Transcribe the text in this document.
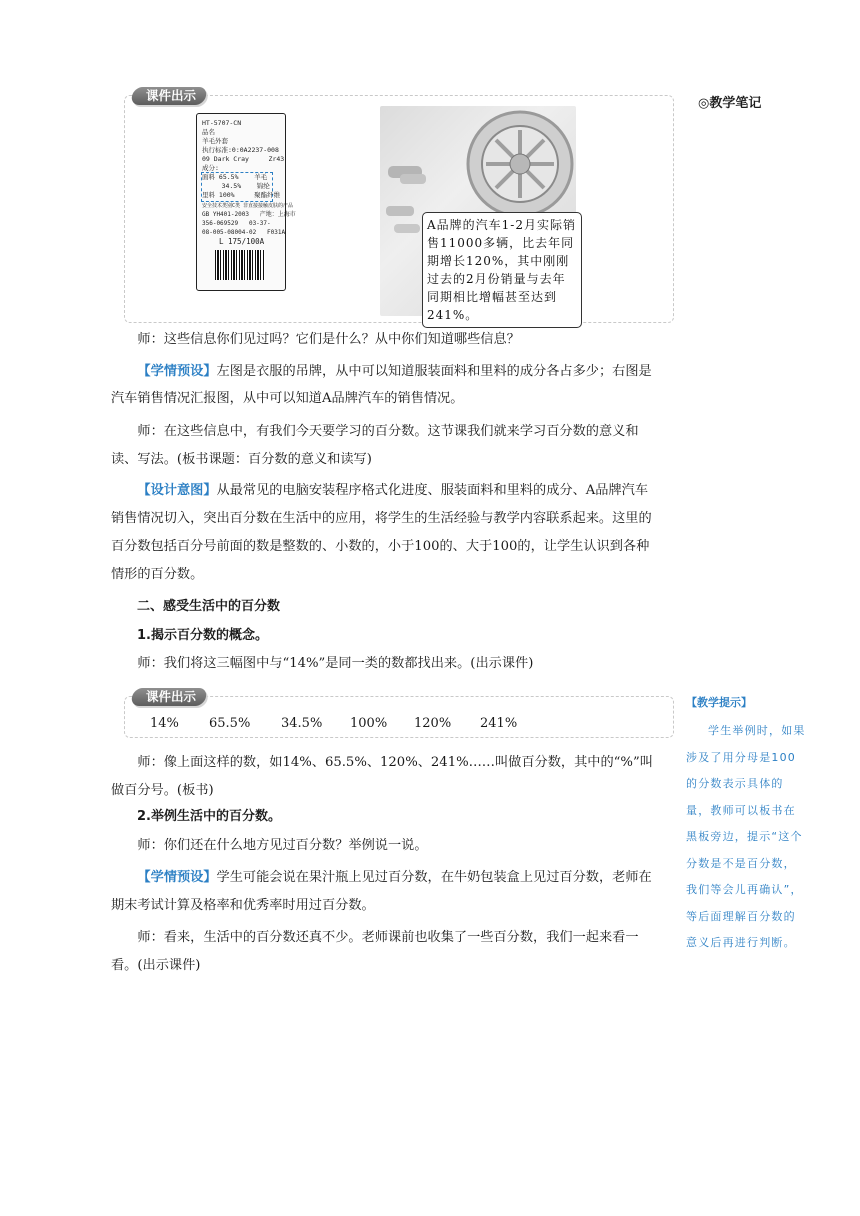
◎教学笔记
课件出示
HT-5707-CN
品名
羊毛外套
执行标准:0:0A2237-008
09 Dark Cray     Zr43
成分:
面料 65.5%    羊毛
34.5%    锦纶
里料 100%     聚酯纤维
安全技术类别C类 非直接接触皮肤的产品
GB YH401-2003   产地：上海市
356-069529   03-37-
08-005-08004-02   F031A
L 175/100A
A品牌的汽车1-2月实际销售11000多辆，比去年同期增长120%，其中刚刚过去的2月份销量与去年同期相比增幅甚至达到241%。
师：这些信息你们见过吗？它们是什么？从中你们知道哪些信息？
【学情预设】左图是衣服的吊牌，从中可以知道服装面料和里料的成分各占多少；右图是汽车销售情况汇报图，从中可以知道A品牌汽车的销售情况。
师：在这些信息中，有我们今天要学习的百分数。这节课我们就来学习百分数的意义和读、写法。(板书课题：百分数的意义和读写)
【设计意图】从最常见的电脑安装程序格式化进度、服装面料和里料的成分、A品牌汽车销售情况切入，突出百分数在生活中的应用，将学生的生活经验与教学内容联系起来。这里的百分数包括百分号前面的数是整数的、小数的，小于100的、大于100的，让学生认识到各种情形的百分数。
二、感受生活中的百分数
1.揭示百分数的概念。
师：我们将这三幅图中与“14%”是同一类的数都找出来。(出示课件)
课件出示
14% 65.5% 34.5% 100% 120% 241%
师：像上面这样的数，如14%、65.5%、120%、241%……叫做百分数，其中的“%”叫做百分号。(板书)
2.举例生活中的百分数。
师：你们还在什么地方见过百分数？举例说一说。
【学情预设】学生可能会说在果汁瓶上见过百分数，在牛奶包装盒上见过百分数，老师在期末考试计算及格率和优秀率时用过百分数。
师：看来，生活中的百分数还真不少。老师课前也收集了一些百分数，我们一起来看一看。(出示课件)
【教学提示】
学生举例时，如果涉及了用分母是100的分数表示具体的量，教师可以板书在黑板旁边，提示“这个分数是不是百分数，我们等会儿再确认”，等后面理解百分数的意义后再进行判断。
